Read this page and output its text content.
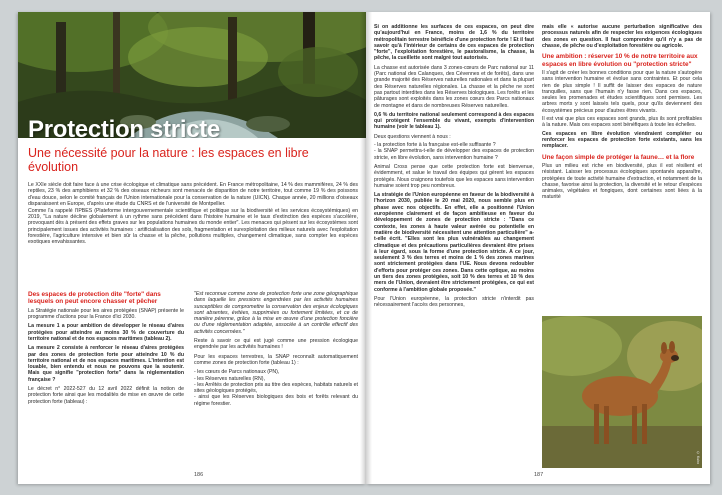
Protection stricte
Une nécessité pour la nature : les espaces en libre évolution

Le XXIe siècle doit faire face à une crise écologique et climatique sans précédent. En France métropolitaine, 14 % des mammifères, 24 % des reptiles, 23 % des amphibiens et 32 % des oiseaux nicheurs sont menacés de disparition de notre territoire, tout comme 19 % des poissons d'eau douce, selon le comité français de l'Union internationale pour la conservation de la nature (UICN). Chaque année, 20 millions d'oiseaux disparaissent en Europe, d'après une étude du CNRS et de l'université de Montpellier.

Comme l'a rappelé l'IPBES (Plateforme intergouvernementale scientifique et politique sur la biodiversité et les services écosystémiques) en 2019, "La nature décline globalement à un rythme sans précédent dans l'histoire humaine et le taux d'extinction des espèces s'accélère, provoquant dès à présent des effets graves sur les populations humaines du monde entier". Les menaces qui pèsent sur les écosystèmes sont principalement issues des activités humaines : artificialisation des sols, fragmentation et surexploitation des milieux naturels avec l'exploitation forestière, l'agriculture intensive et bien sûr la chasse et la pêche, pollutions multiples, changement climatique, sans compter les espèces exotiques envahissantes.

Des espaces de protection dite "forte" dans lesquels on peut encore chasser et pêcher

La Stratégie nationale pour les aires protégées (SNAP) présente le programme d'actions pour la France d'ici 2030.

La mesure 1 a pour ambition de développer le réseau d'aires protégées pour atteindre au moins 30 % de couverture du territoire national et de nos espaces maritimes (tableau 2).

La mesure 2 consiste à renforcer le réseau d'aires protégées par des zones de protection forte pour atteindre 10 % du territoire national et de nos espaces maritimes. L'intention est louable, bien entendu et nous ne pouvons que la soutenir. Mais que signifie "protection forte" dans la réglementation française ?

Le décret n° 2022-527 du 12 avril 2022 définit la notion de protection forte ainsi que les modalités de mise en œuvre de cette protection forte (tableau) :

"Est reconnue comme zone de protection forte une zone géographique dans laquelle les pressions engendrées par les activités humaines susceptibles de compromettre la conservation des enjeux écologiques sont absentes, évitées, supprimées ou fortement limitées, et ce de manière pérenne, grâce à la mise en œuvre d'une protection foncière ou d'une réglementation adaptée, associée à un contrôle effectif des activités concernées."

Reste à savoir ce qui est jugé comme une pression écologique engendrée par les activités humaines !

Pour les espaces terrestres, la SNAP reconnaît automatiquement comme zones de protection forte (tableau 1) :

- les cœurs de Parcs nationaux (PN),
- les Réserves naturelles (RN),
- les Arrêtés de protection pris au titre des espèces, habitats naturels et sites géologiques protégés,
- ainsi que les Réserves biologiques des bois et forêts relevant du régime forestier.
186

Si on additionne les surfaces de ces espaces, on peut dire qu'aujourd'hui en France, moins de 1,6 % du territoire métropolitain terrestre bénéficie d'une protection forte ! Et il faut savoir qu'à l'intérieur de certains de ces espaces de protection "forte", l'exploitation forestière, le pastoralisme, la chasse, la pêche, la cueillette sont malgré tout autorisés.

La chasse est autorisée dans 3 zones-cœurs de Parc national sur 11 (Parc national des Calanques, des Cévennes et de forêts), dans une grande majorité des Réserves naturelles nationales et dans la plupart des Réserves naturelles régionales. La chasse et la pêche ne sont pas partout interdites dans les Réserves biologiques. Les forêts et les pâturages sont exploités dans les zones cœurs des Parcs nationaux de montagne et dans de nombreuses Réserves naturelles.

0,6 % du territoire national seulement correspond à des espaces qui protègent l'ensemble du vivant, exempts d'intervention humaine (voir le tableau 1).

Deux questions viennent à nous :

- la protection forte à la française est-elle suffisante ?
- la SNAP permettra-t-elle de développer des espaces de protection stricte, en libre évolution, sans intervention humaine ?

Animal Cross pense que cette protection forte est bienvenue, évidemment, et salue le travail des équipes qui gèrent les espaces protégés. Nous craignons toutefois que les espaces sans intervention humaine soient trop peu nombreux.

La stratégie de l'Union européenne en faveur de la biodiversité à l'horizon 2030, publiée le 20 mai 2020, nous semble plus en phase avec nos objectifs. En effet, elle a positionné l'Union européenne clairement et de façon ambitieuse en faveur du développement de zones de protection stricte : "Dans ce contexte, les zones à haute valeur avérée ou potentielle en matière de biodiversité nécessitent une attention particulière" a-t-elle écrit. "Elles sont les plus vulnérables au changement climatique et des précautions particulières devraient être prises à leur égard, sous la forme d'une protection stricte. A ce jour, seulement 3 % des terres et moins de 1 % des zones marines sont strictement protégées dans l'UE. Nous devons redoubler d'efforts pour protéger ces zones. Dans cette optique, au moins un tiers des zones protégées, soit 10 % des terres et 10 % des mers de l'Union, devraient être strictement protégées, ce qui est conforme à l'ambition globale proposée."

Pour l'Union européenne, la protection stricte n'interdit pas nécessairement l'accès des personnes,

mais elle « autorise aucune perturbation significative des processus naturels afin de respecter les exigences écologiques des zones en question. Il faut comprendre qu'il n'y a pas de chasse, de pêche ou d'exploitation forestière ou agricole.

Une ambition : réserver 10 % de notre territoire aux espaces en libre évolution ou "protection stricte"

Il s'agit de créer les bonnes conditions pour que la nature s'autogère sans intervention humaine et évolue sans contraintes. Et pour cela rien de plus simple ! Il suffit de laisser des espaces de nature tranquilles, sans que l'humain n'y fasse rien. Dans ces espaces, seules les promenades et études scientifiques sont permises. Les arbres morts y sont laissés tels quels, pour qu'ils deviennent des écosystèmes précieux pour d'autres êtres vivants.

Il est vrai que plus ces espaces sont grands, plus ils sont profitables à la nature. Mais ces espaces sont bénéfiques à toute les échelles.

Ces espaces en libre évolution viendraient compléter ou renforcer les espaces de protection forte existants, sans les remplacer.

Une façon simple de protéger la faune… et la flore

Plus un milieu est riche en biodiversité, plus il est résilient et résistant. Laisser les processus écologiques spontanés apparaître, protégées de toute activité humaine d'extraction, et notamment de la chasse, favorise ainsi la protection, la diversité et le retour d'espèces animales, végétales et fongiques, dont certaines sont liées à la maturité

© Kubo
187
